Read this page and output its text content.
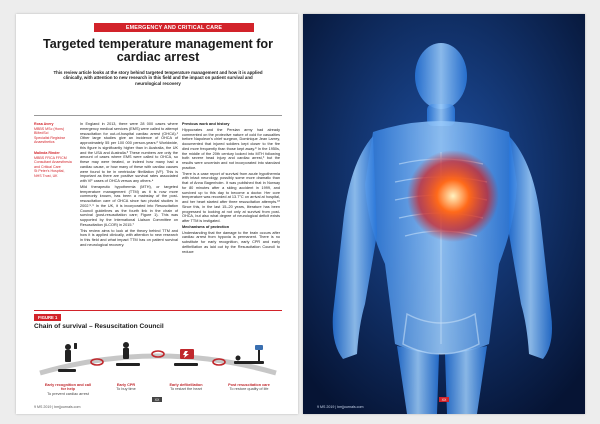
EMERGENCY AND CRITICAL CARE
Targeted temperature management for cardiac arrest
This review article looks at the story behind targeted temperature management and how it is applied clinically, with attention to new research in this field and the impact on patient survival and neurological recovery
Rosa Avery
MBBS MSc (Hons) BMedSci
Specialist Registrar
Anaesthetics
Malinda Rinder
MBBS FRCA FFICM
Consultant Anaesthesia
and Critical Care
St Peter's Hospital,
NHS Trust, UK

In England in 2013, there were 28 000 cases where emergency medical services (EMS) were called to attempt resuscitation for out-of-hospital cardiac arrest (OHCA).¹ Other large studies give an incidence of OHCA of approximately 55 per 100 000 person-years.² Worldwide, this figure is significantly higher than in Australia, the UK and the USA and Australia.³ These numbers are only the amount of cases where EMS were called to OHCA, so these may were treated, or indeed how many had a cardiac cause, or how many of these with cardiac causes were found to be in ventricular fibrillation (VF). This is important as there are positive survival rates associated with VF cases of OHCA versus any others.⁴

Mild therapeutic hypothermia (MTH), or targeted temperature management (TTM) as it is now more commonly known, has been a mainstay of the post-resuscitation care of OHCA since two pivotal studies in 2002.⁵˒⁶ In the UK, it is incorporated into Resuscitation Council guidelines as the fourth link in the chain of survival (post-resuscitation care; Figure 1). This was supported by the International Liaison Committee on Resuscitation (ILCOR) in 2015.⁷

This review aims to look at the theory behind TTM and how it is applied clinically, with attention to new research in this field and what impact TTM has on patient survival and neurological recovery.

Previous work and history

Hippocrates and the Persian army had already commented on the protective nature of cold for casualties before Napoleon's chief surgeon, Dominique Jean Larrey, documented that injured soldiers kept closer to the fire died more frequently than those kept away.⁸ In the 1950s, the middle of the 20th century looked into MTH following both severe head injury and cardiac arrest,⁹ but the results were uncertain and not incorporated into standard practice.

There is a case report of survival from acute hypothermia with intact neurology, possibly some more dramatic than that of Anna Bagenholm. It was published that in Norway for 80 minutes after a skiing accident in 1999, and survived up to this day to become a doctor. Her core temperature was recorded at 13.7°C on arrival at hospital, and her heart started after three resuscitation attempts.¹⁰ Since this, in the last 15–20 years, literature has been progressed to looking at not only at survival from post-OHCA, but also what degree of neurological deficit exists after TTM is instigated.

Mechanisms of protection

Understanding that the damage to the brain occurs after cardiac arrest from hypoxia is permanent. There is no substitute for early recognition, early CPR and early defibrillation as laid out by the Resuscitation Council to reduce

FIGURE 1
Chain of survival – Resuscitation Council
Early recognition and call for help
To prevent cardiac arrest
Early CPR
To buy time
Early defibrillation
To restart the heart
Post resuscitation care
To restore quality of life
XX
9 MS 2019 | bmjjournals.com
XX
9 MS 2019 | bmjjournals.com
